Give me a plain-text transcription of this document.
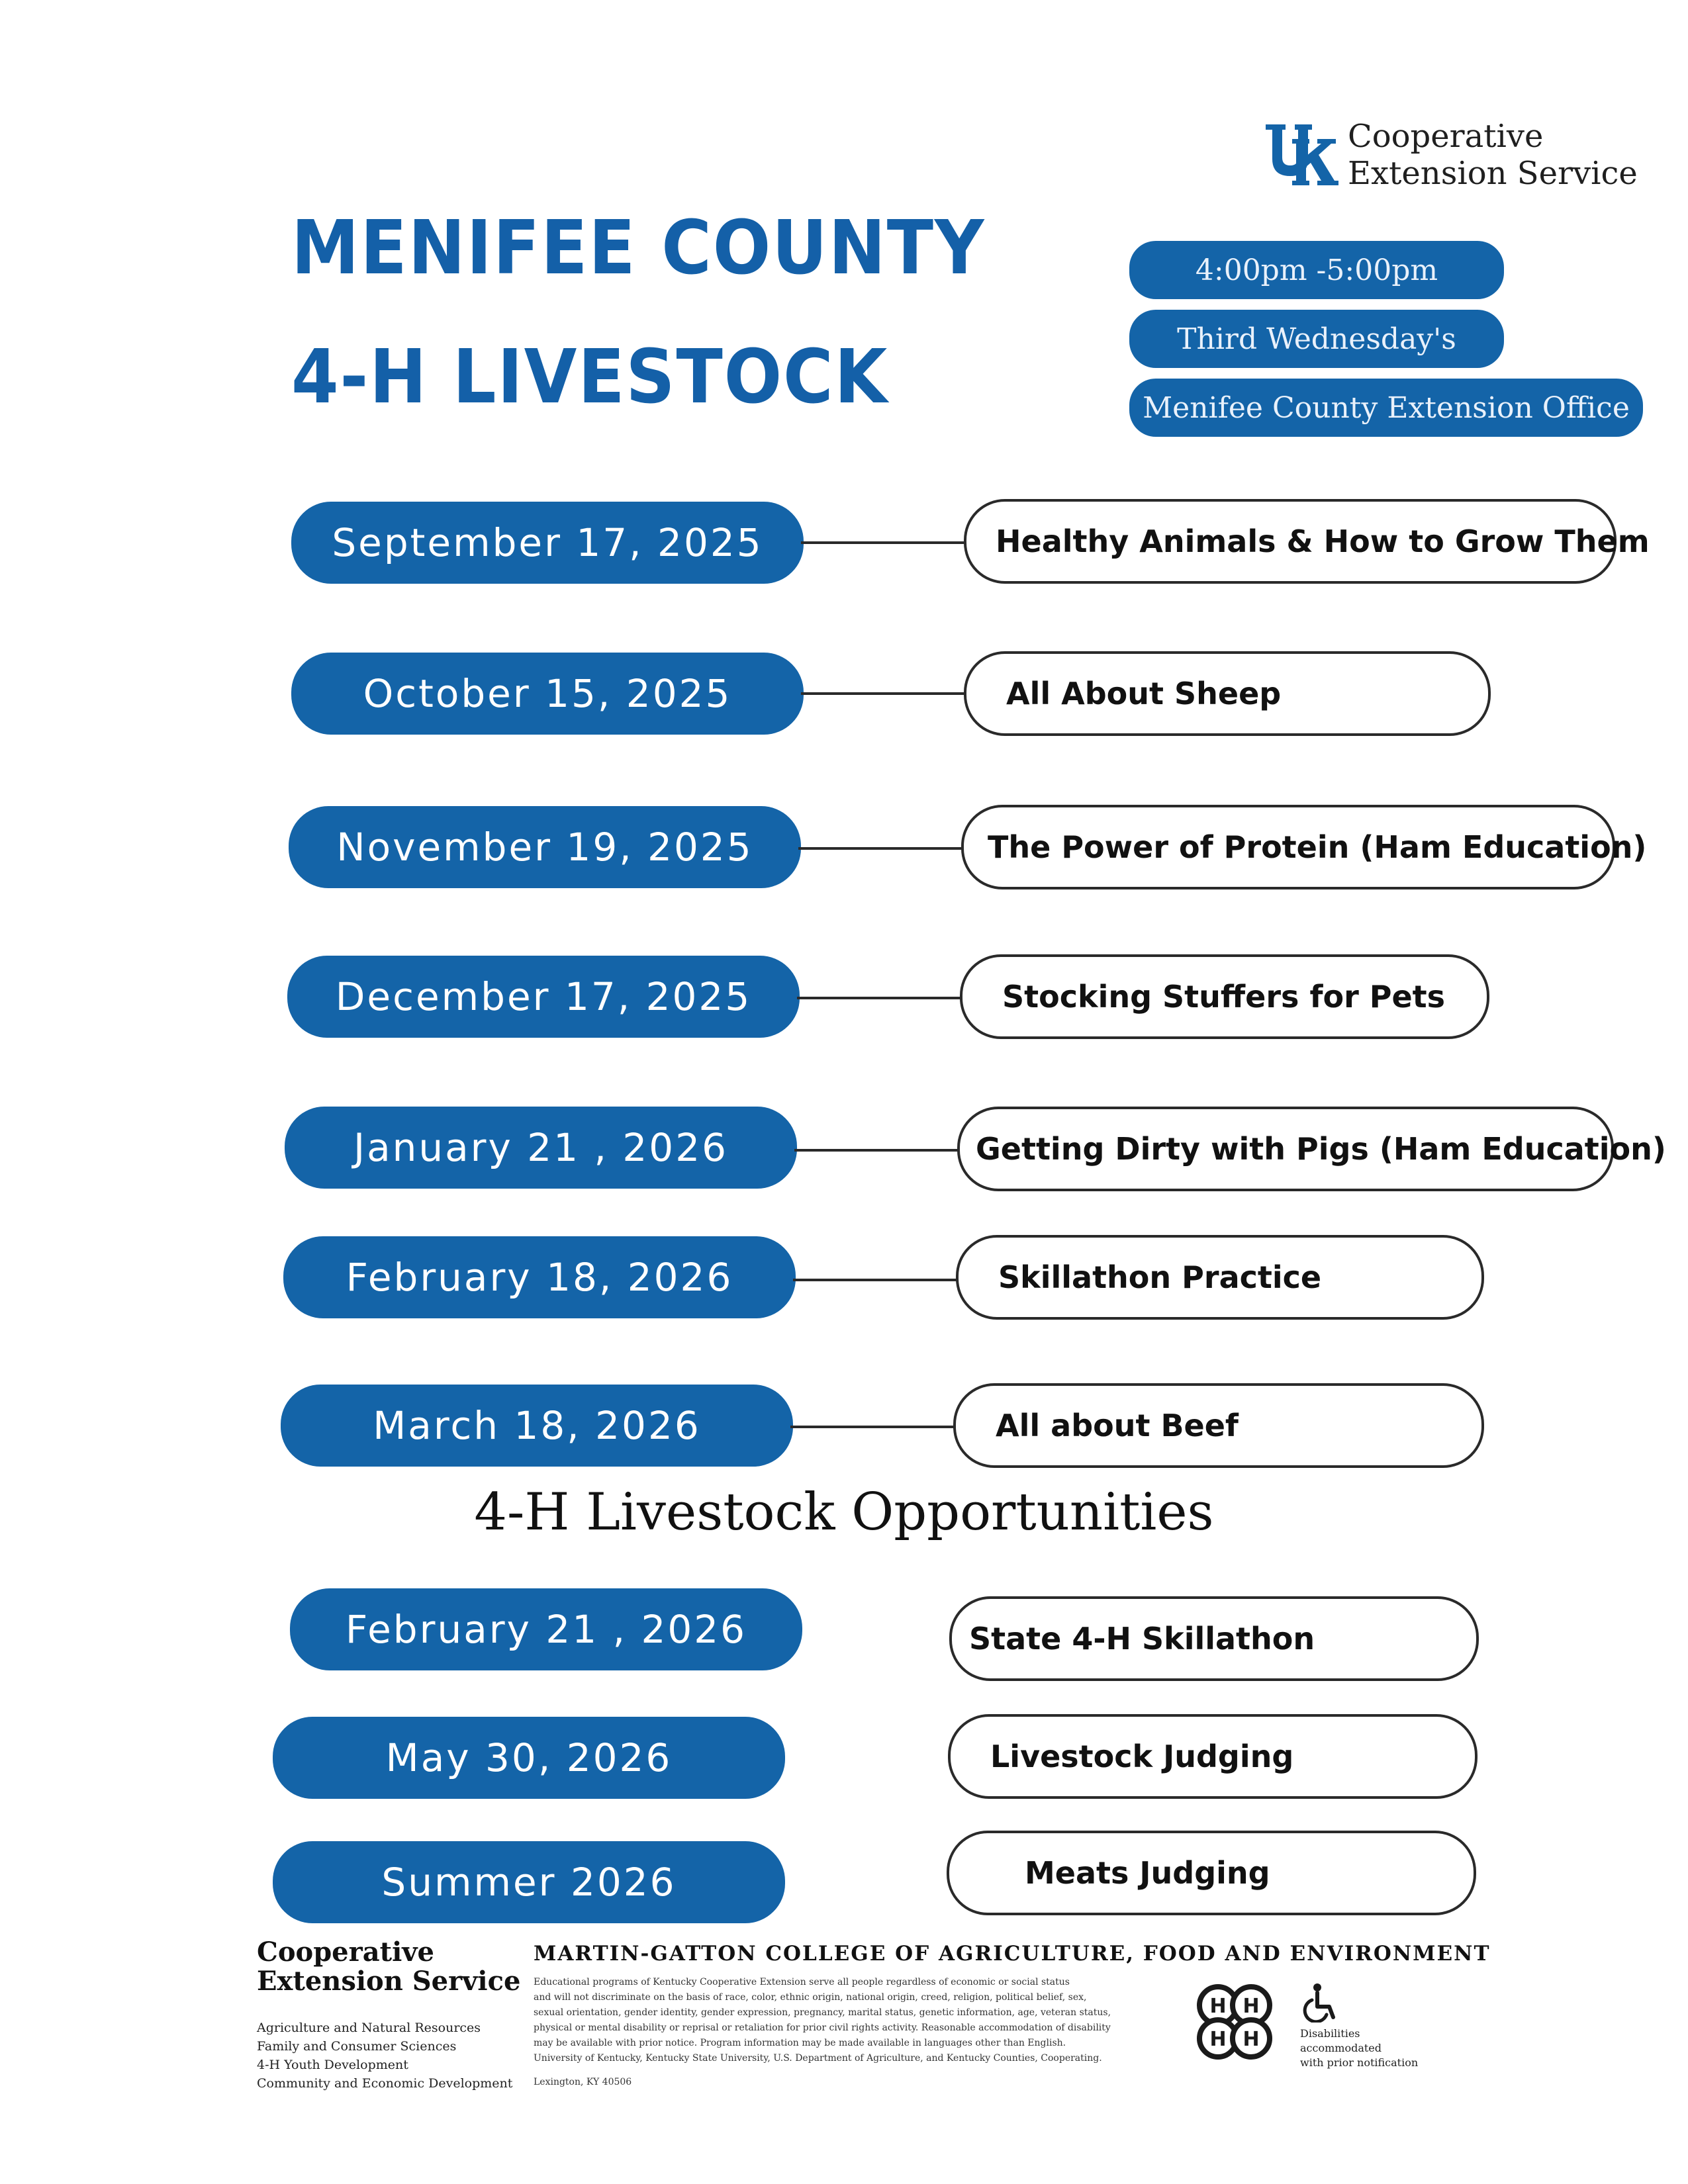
Cooperative
Extension Service
MENIFEE COUNTY
4-H LIVESTOCK
4:00pm -5:00pm
Third Wednesday's
Menifee County Extension Office
September 17, 2025	Healthy Animals & How to Grow Them
October 15, 2025	All About Sheep
November 19, 2025	The Power of Protein (Ham Education)
December 17, 2025	Stocking Stuffers for Pets
January 21 , 2026	Getting Dirty with Pigs (Ham Education)
February 18, 2026	Skillathon Practice
March 18, 2026	All about Beef
4-H Livestock Opportunities
February 21 , 2026	State 4-H Skillathon
May 30, 2026	Livestock Judging
Summer 2026	Meats Judging
Cooperative
Extension Service
Agriculture and Natural Resources
Family and Consumer Sciences
4-H Youth Development
Community and Economic Development
MARTIN-GATTON COLLEGE OF AGRICULTURE, FOOD AND ENVIRONMENT
Educational programs of Kentucky Cooperative Extension serve all people regardless of economic or social status
and will not discriminate on the basis of race, color, ethnic origin, national origin, creed, religion, political belief, sex,
sexual orientation, gender identity, gender expression, pregnancy, marital status, genetic information, age, veteran status,
physical or mental disability or reprisal or retaliation for prior civil rights activity. Reasonable accommodation of disability
may be available with prior notice. Program information may be made available in languages other than English.
University of Kentucky, Kentucky State University, U.S. Department of Agriculture, and Kentucky Counties, Cooperating.
Lexington, KY 40506
H H
H H	Disabilities
accommodated
with prior notification
